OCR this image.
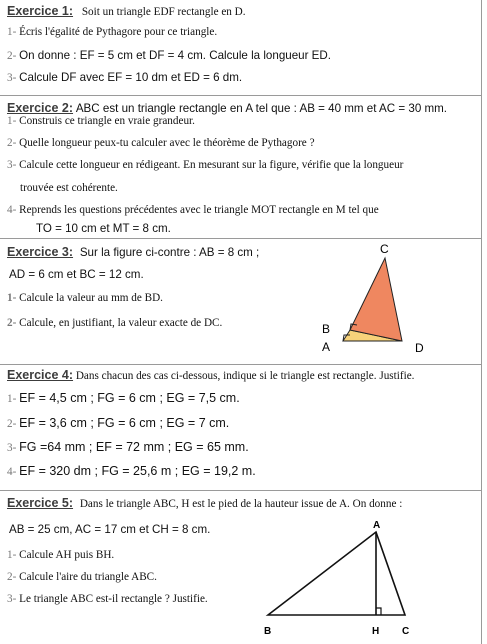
Exercice 1: Soit un triangle EDF rectangle en D.
1- Écris l'égalité de Pythagore pour ce triangle.
2- On donne : EF = 5 cm et DF = 4 cm. Calcule la longueur ED.
3- Calcule DF avec EF = 10 dm et ED = 6 dm.
Exercice 2: ABC est un triangle rectangle en A tel que : AB = 40 mm et AC = 30 mm.
1- Construis ce triangle en vraie grandeur.
2- Quelle longueur peux-tu calculer avec le théorème de Pythagore ?
3- Calcule cette longueur en rédigeant. En mesurant sur la figure, vérifie que la longueur
trouvée est cohérente.
4- Reprends les questions précédentes avec le triangle MOT rectangle en M tel que
TO = 10 cm et MT = 8 cm.
Exercice 3: Sur la figure ci-contre : AB = 8 cm ;
AD = 6 cm et BC = 12 cm.
1- Calcule la valeur au mm de BD.
2- Calcule, en justifiant, la valeur exacte de DC.
C
B
A	D
Exercice 4: Dans chacun des cas ci-dessous, indique si le triangle est rectangle. Justifie.
1- EF = 4,5 cm ; FG = 6 cm ; EG = 7,5 cm.
2- EF = 3,6 cm ; FG = 6 cm ; EG = 7 cm.
3- FG =64 mm ; EF = 72 mm ; EG = 65 mm.
4- EF = 320 dm ; FG = 25,6 m ; EG = 19,2 m.
Exercice 5: Dans le triangle ABC, H est le pied de la hauteur issue de A. On donne :
AB = 25 cm, AC = 17 cm et CH = 8 cm.
1- Calcule AH puis BH.
2- Calcule l'aire du triangle ABC.
3- Le triangle ABC est-il rectangle ? Justifie.
A
B	H C
